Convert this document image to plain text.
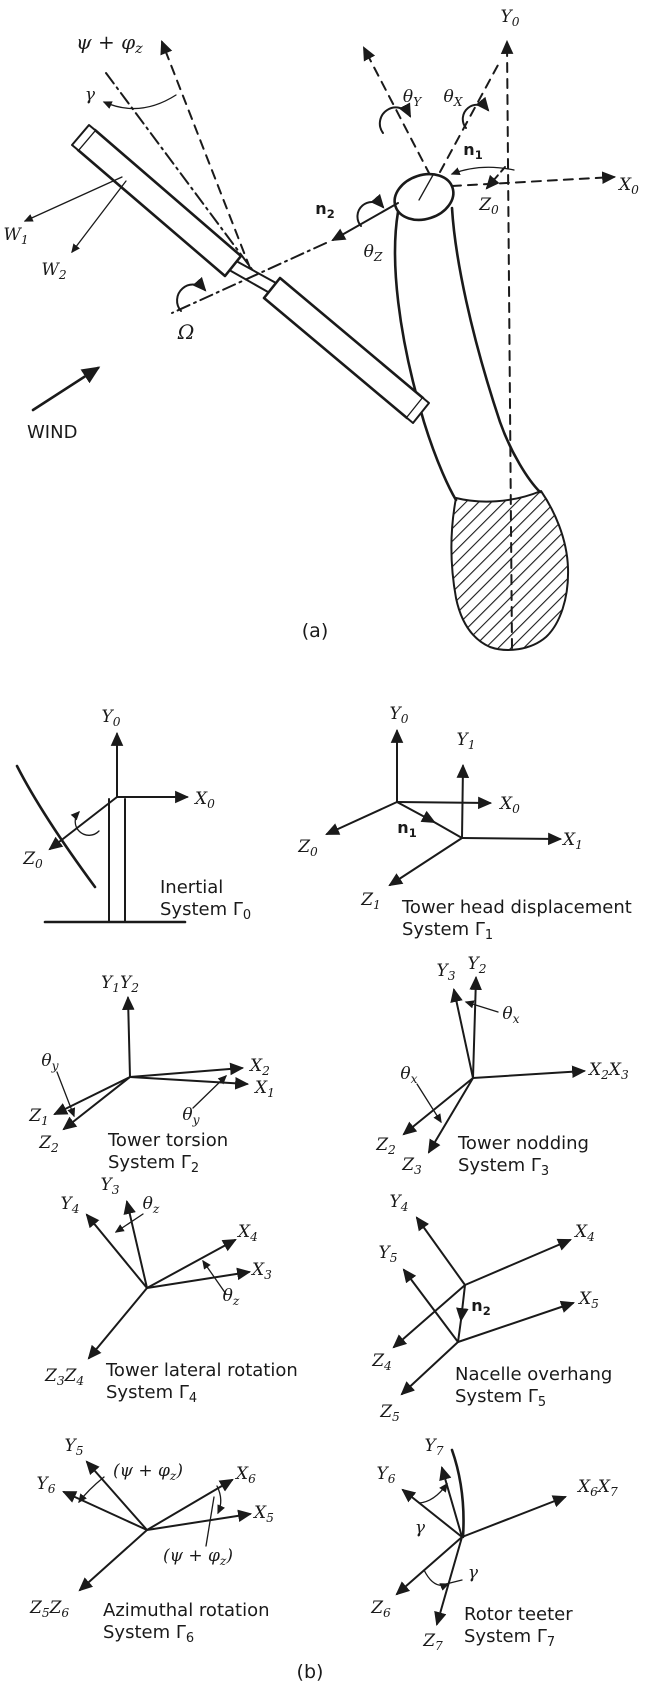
$\psi + \varphi_z$
γ
$W_1$
$W_2$
Ω
WIND
$n_2$
$\theta_Z$
$\theta_Y$ $\theta_X$
$n_1$
$Y_0$
$X_0$
$Z_0$
(a)
$Y_0$
$X_0$
$Z_0$
Inertial
System $\Gamma_0$
$Y_0$
$X_0$
$Z_0$
$n_1$
$Y_1$
$X_1$
$Z_1$ Tower head displacement
System $\Gamma_1$
$Y_1Y_2$
$X_2$
$X_1$
$Z_1$
$Z_2$
$\theta_y$
$\theta_y$
Tower torsion
System $\Gamma_2$
$Y_3$
$Y_2$
$X_2X_3$
$Z_2$
$Z_3$
$\theta_x$
$\theta_x$
Tower nodding
System $\Gamma_3$
$Y_3$
$Y_4$
$X_4$
$X_3$
$Z_3Z_4$
$\theta_z$
$\theta_z$
Tower lateral rotation
System $\Gamma_4$
$Y_4$
$X_4$
$Y_5$
$X_5$
$n_2$
$Z_4$
$Z_5$
Nacelle overhang
System $\Gamma_5$
$Y_5$
$Y_6$
$X_6$
$X_5$
$Z_5Z_6$
$(\psi + \varphi_z)$
$(\psi + \varphi_z)$
Azimuthal rotation
System $\Gamma_6$
$Y_7$
$Y_6$	$X_6X_7$
$Z_6$
$Z_7$
γ
γ
Rotor teeter
System $\Gamma_7$
(b)
